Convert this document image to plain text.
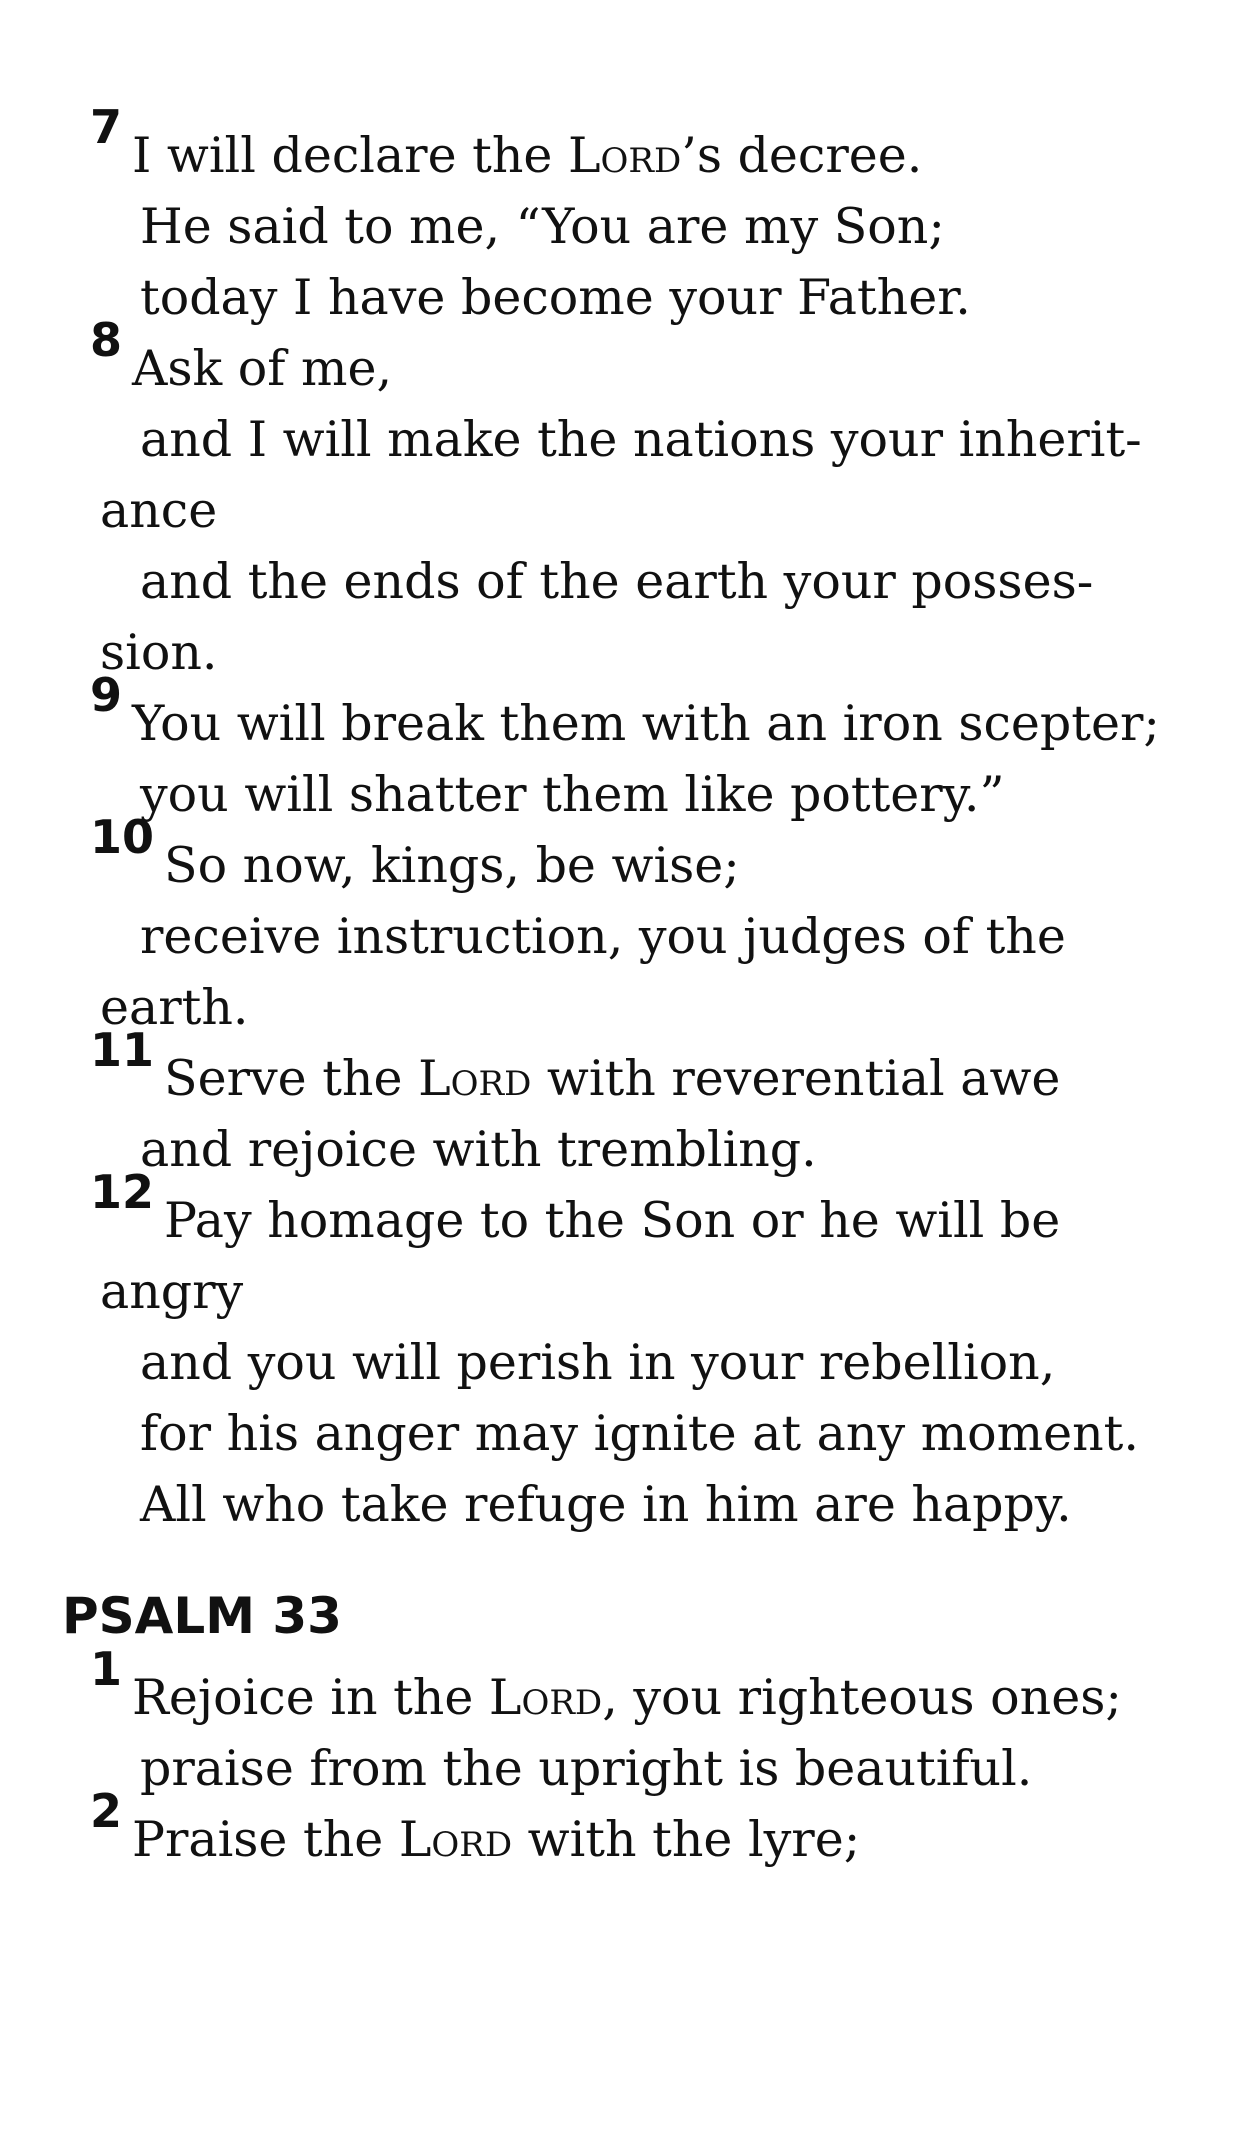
7 I will declare the Lord’s decree.
He said to me, “You are my Son;
today I have become your Father.
8 Ask of me,
and I will make the nations your inherit-
ance
and the ends of the earth your posses-
sion.
9 You will break them with an iron scepter;
you will shatter them like pottery.”
10 So now, kings, be wise;
receive instruction, you judges of the
earth.
11 Serve the Lord with reverential awe
and rejoice with trembling.
12 Pay homage to the Son or he will be
angry
and you will perish in your rebellion,
for his anger may ignite at any moment.
All who take refuge in him are happy.
PSALM 33
1 Rejoice in the Lord, you righteous ones;
praise from the upright is beautiful.
2 Praise the Lord with the lyre;
